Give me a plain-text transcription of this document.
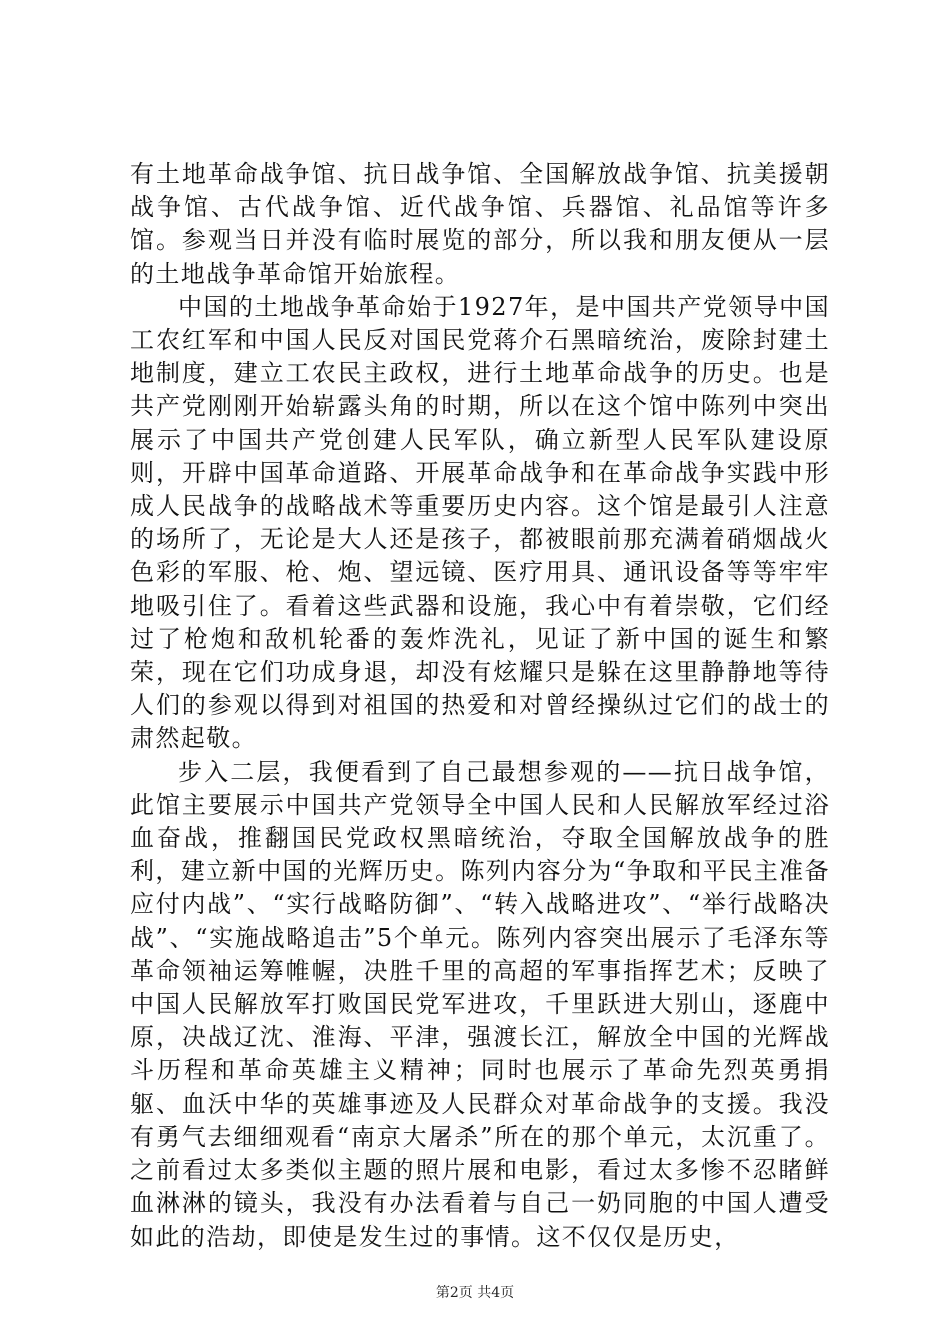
有土地革命战争馆、抗日战争馆、全国解放战争馆、抗美援朝战争馆、古代战争馆、近代战争馆、兵器馆、礼品馆等许多馆。参观当日并没有临时展览的部分，所以我和朋友便从一层的土地战争革命馆开始旅程。

中国的土地战争革命始于1927年，是中国共产党领导中国工农红军和中国人民反对国民党蒋介石黑暗统治，废除封建土地制度，建立工农民主政权，进行土地革命战争的历史。也是共产党刚刚开始崭露头角的时期，所以在这个馆中陈列中突出展示了中国共产党创建人民军队，确立新型人民军队建设原则，开辟中国革命道路、开展革命战争和在革命战争实践中形成人民战争的战略战术等重要历史内容。这个馆是最引人注意的场所了，无论是大人还是孩子，都被眼前那充满着硝烟战火色彩的军服、枪、炮、望远镜、医疗用具、通讯设备等等牢牢地吸引住了。看着这些武器和设施，我心中有着崇敬，它们经过了枪炮和敌机轮番的轰炸洗礼，见证了新中国的诞生和繁荣，现在它们功成身退，却没有炫耀只是躲在这里静静地等待人们的参观以得到对祖国的热爱和对曾经操纵过它们的战士的肃然起敬。

步入二层，我便看到了自己最想参观的——抗日战争馆，此馆主要展示中国共产党领导全中国人民和人民解放军经过浴血奋战，推翻国民党政权黑暗统治，夺取全国解放战争的胜利，建立新中国的光辉历史。陈列内容分为“争取和平民主准备应付内战”、“实行战略防御”、“转入战略进攻”、“举行战略决战”、“实施战略追击”5个单元。陈列内容突出展示了毛泽东等革命领袖运筹帷幄，决胜千里的高超的军事指挥艺术；反映了中国人民解放军打败国民党军进攻，千里跃进大别山，逐鹿中原，决战辽沈、淮海、平津，强渡长江，解放全中国的光辉战斗历程和革命英雄主义精神；同时也展示了革命先烈英勇捐躯、血沃中华的英雄事迹及人民群众对革命战争的支援。我没有勇气去细细观看“南京大屠杀”所在的那个单元，太沉重了。之前看过太多类似主题的照片展和电影，看过太多惨不忍睹鲜血淋淋的镜头，我没有办法看着与自己一奶同胞的中国人遭受如此的浩劫，即使是发生过的事情。这不仅仅是历史，

第2页 共4页
